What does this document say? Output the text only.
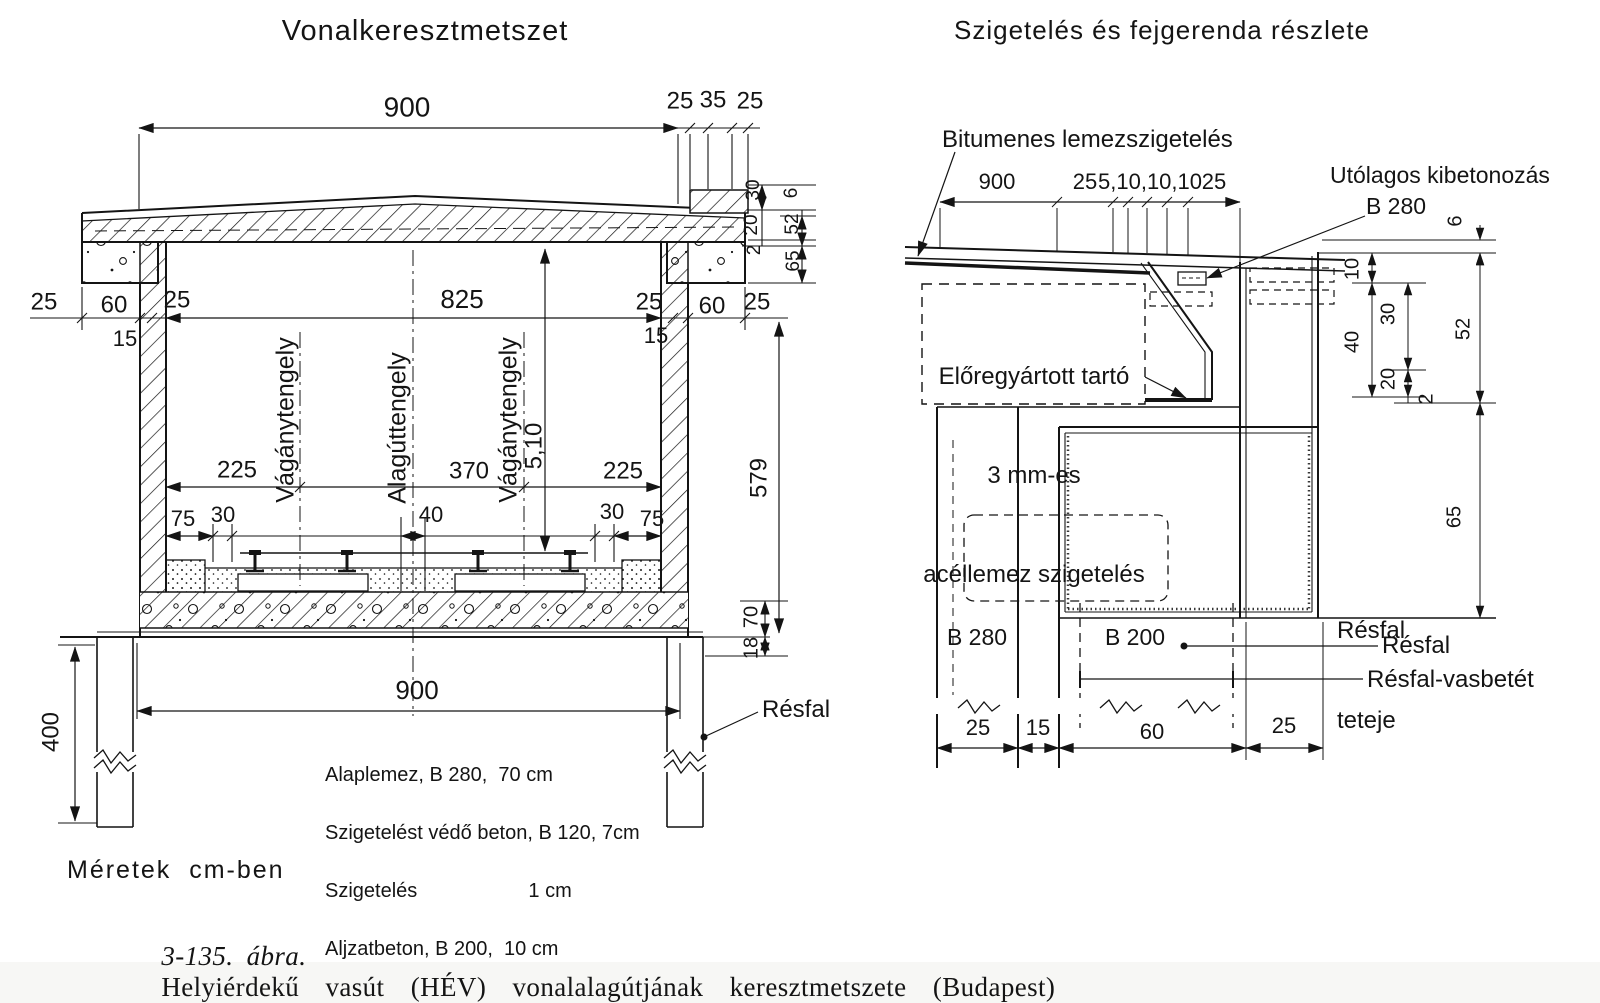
900	25 35 25
25 60 25
15
825	25 60 25
15
Vágánytengely	Alagúttengely	Vágánytengely
5,10
225	370	225
75 30	40	30 75
579
70
18
400
900
30
20
2
6
52
65
900	25 5,10,10,10 25
6
10
40
30
20
2
52
65
25 15	60	25
Vonalkeresztmetszet	Szigetelés és fejgerenda részlete
Bitumenes lemezszigetelés
Utólagos kibetonozás
B 280

Előregyártott tartó

3 mm-es

acéllemez szigetelés

Résfal

teteje

B 280	B 200	Résfal
Résfal-vasbetét
Résfal

Alaplemez, B 280,  70 cm

Szigetelést védő beton, B 120, 7cm

Szigetelés                    1 cm

Aljzatbeton, B 200,  10 cm

Méretek  cm-ben

3-135. ábra.
Helyiérdekű  vasút  (HÉV)  vonalalagútjának  keresztmetszete  (Budapest)
